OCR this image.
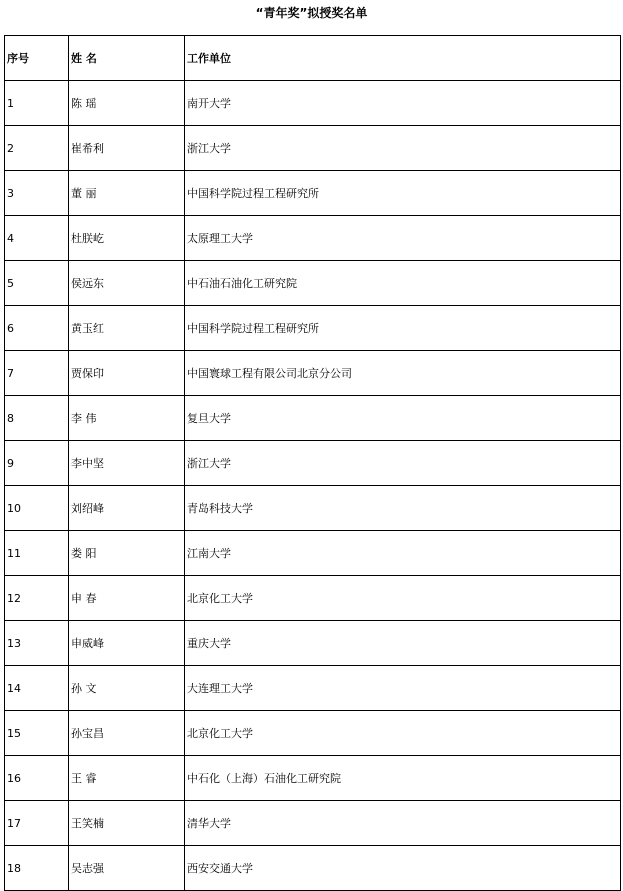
“青年奖”拟授奖名单
序号	姓 名	工作单位
1	陈 瑶	南开大学
2	崔希利	浙江大学
3	董 丽	中国科学院过程工程研究所
4	杜朕屹	太原理工大学
5	侯远东	中石油石油化工研究院
6	黄玉红	中国科学院过程工程研究所
7	贾保印	中国寰球工程有限公司北京分公司
8	李 伟	复旦大学
9	李中坚	浙江大学
10	刘绍峰	青岛科技大学
11	娄 阳	江南大学
12	申 春	北京化工大学
13	申威峰	重庆大学
14	孙 文	大连理工大学
15	孙宝昌	北京化工大学
16	王 睿	中石化（上海）石油化工研究院
17	王笑楠	清华大学
18	吴志强	西安交通大学
